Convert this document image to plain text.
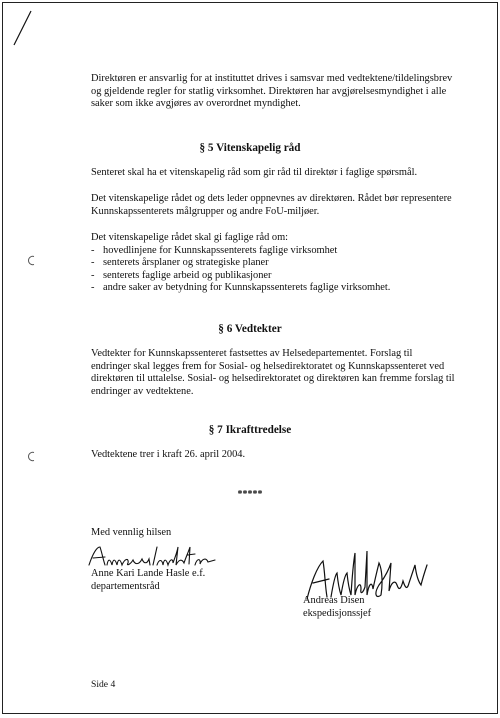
Direktøren er ansvarlig for at instituttet drives i samsvar med vedtektene/tildelingsbrev
og gjeldende regler for statlig virksomhet. Direktøren har avgjørelsesmyndighet i alle
saker som ikke avgjøres av overordnet myndighet.
§ 5 Vitenskapelig råd
Senteret skal ha et vitenskapelig råd som gir råd til direktør i faglige spørsmål.
Det vitenskapelige rådet og dets leder oppnevnes av direktøren. Rådet bør representere
Kunnskapssenterets målgrupper og andre FoU-miljøer.
Det vitenskapelige rådet skal gi faglige råd om:
- hovedlinjene for Kunnskapssenterets faglige virksomhet
- senterets årsplaner og strategiske planer
- senterets faglige arbeid og publikasjoner
- andre saker av betydning for Kunnskapssenterets faglige virksomhet.
§ 6 Vedtekter
Vedtekter for Kunnskapssenteret fastsettes av Helsedepartementet. Forslag til
endringer skal legges frem for Sosial- og helsedirektoratet og Kunnskapssenteret ved
direktøren til uttalelse. Sosial- og helsedirektoratet og direktøren kan fremme forslag til
endringer av vedtektene.
§ 7 Ikrafttredelse
Vedtektene trer i kraft 26. april 2004.
*****
Med vennlig hilsen
Anne Kari Lande Hasle e.f.
departementsråd
Andreas Disen
ekspedisjonssjef
Side 4
